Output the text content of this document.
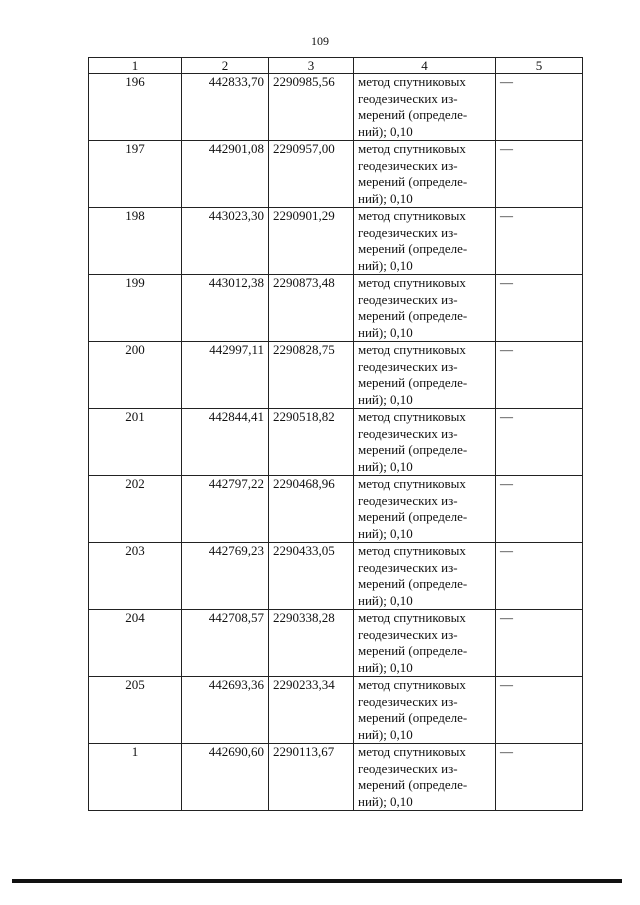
109
1	2	3	4	5
196	442833,70	2290985,56	метод спутниковых
геодезических из-
мерений (определе-
ний); 0,10	—
197	442901,08	2290957,00	метод спутниковых
геодезических из-
мерений (определе-
ний); 0,10	—
198	443023,30	2290901,29	метод спутниковых
геодезических из-
мерений (определе-
ний); 0,10	—
199	443012,38	2290873,48	метод спутниковых
геодезических из-
мерений (определе-
ний); 0,10	—
200	442997,11	2290828,75	метод спутниковых
геодезических из-
мерений (определе-
ний); 0,10	—
201	442844,41	2290518,82	метод спутниковых
геодезических из-
мерений (определе-
ний); 0,10	—
202	442797,22	2290468,96	метод спутниковых
геодезических из-
мерений (определе-
ний); 0,10	—
203	442769,23	2290433,05	метод спутниковых
геодезических из-
мерений (определе-
ний); 0,10	—
204	442708,57	2290338,28	метод спутниковых
геодезических из-
мерений (определе-
ний); 0,10	—
205	442693,36	2290233,34	метод спутниковых
геодезических из-
мерений (определе-
ний); 0,10	—
1	442690,60	2290113,67	метод спутниковых
геодезических из-
мерений (определе-
ний); 0,10	—
